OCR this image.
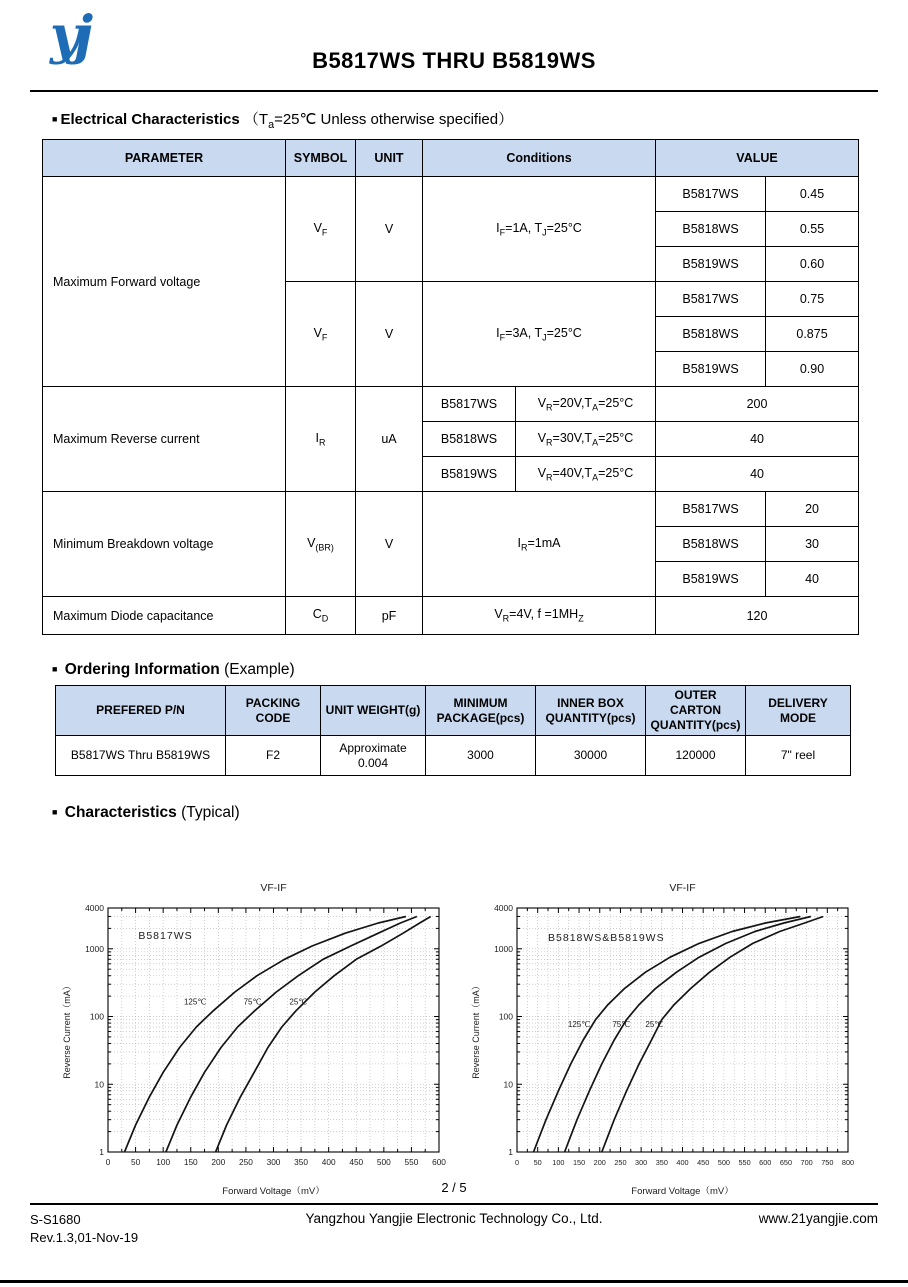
yj	B5817WS THRU B5819WS
■ Electrical Characteristics （$T_a=25℃$ Unless otherwise specified）
PARAMETER	SYMBOL	UNIT	Conditions		VALUE	
Maximum Forward voltage	$V_F$	V	$I_F=1A$, $T_J=25^\circ C$		B5817WS	0.45
					B5818WS	0.55
					B5819WS	0.60
	$V_F$	V	$I_F=3A$, $T_J=25^\circ C$		B5817WS	0.75
					B5818WS	0.875
					B5819WS	0.90
Maximum Reverse current	$I_R$	uA	B5817WS	$V_R=20V,T_A=25^\circ C$	200	
			B5818WS	$V_R=30V,T_A=25^\circ C$	40	
			B5819WS	$V_R=40V,T_A=25^\circ C$	40	
Minimum Breakdown voltage	$V_{(BR)}$	V	$I_R=1mA$		B5817WS	20
					B5818WS	30
					B5819WS	40
Maximum Diode capacitance	$C_D$	pF	$V_R=4V$, $f =1MH_Z$		120	
■ Ordering Information (Example)
PREFERED P/N	PACKING CODE	UNIT WEIGHT(g)	MINIMUM PACKAGE(pcs)	INNER BOX QUANTITY(pcs)	OUTER CARTON QUANTITY(pcs)	DELIVERY MODE
B5817WS Thru B5819WS	F2	Approximate 0.004	3000	30000	120000	7" reel
■ Characteristics (Typical)
0 50 100 150 200 250 300 350 400 450 500 550 600
1
10
100
1000
4000
125℃	75℃	25℃
B5817WS
VF-IF
Forward Voltage（mV）
Reverse Current（mA）
0 50 100 150 200 250 300 350 400 450 500 550 600 650 700 750 800
1
10
100
1000
4000
125℃	75℃ 25℃
B5818WS&B5819WS
VF-IF
Forward Voltage（mV）
Reverse Current（mA）
2 / 5
S-S1680
Rev.1.3,01-Nov-19
Yangzhou Yangjie Electronic Technology Co., Ltd.	www.21yangjie.com
